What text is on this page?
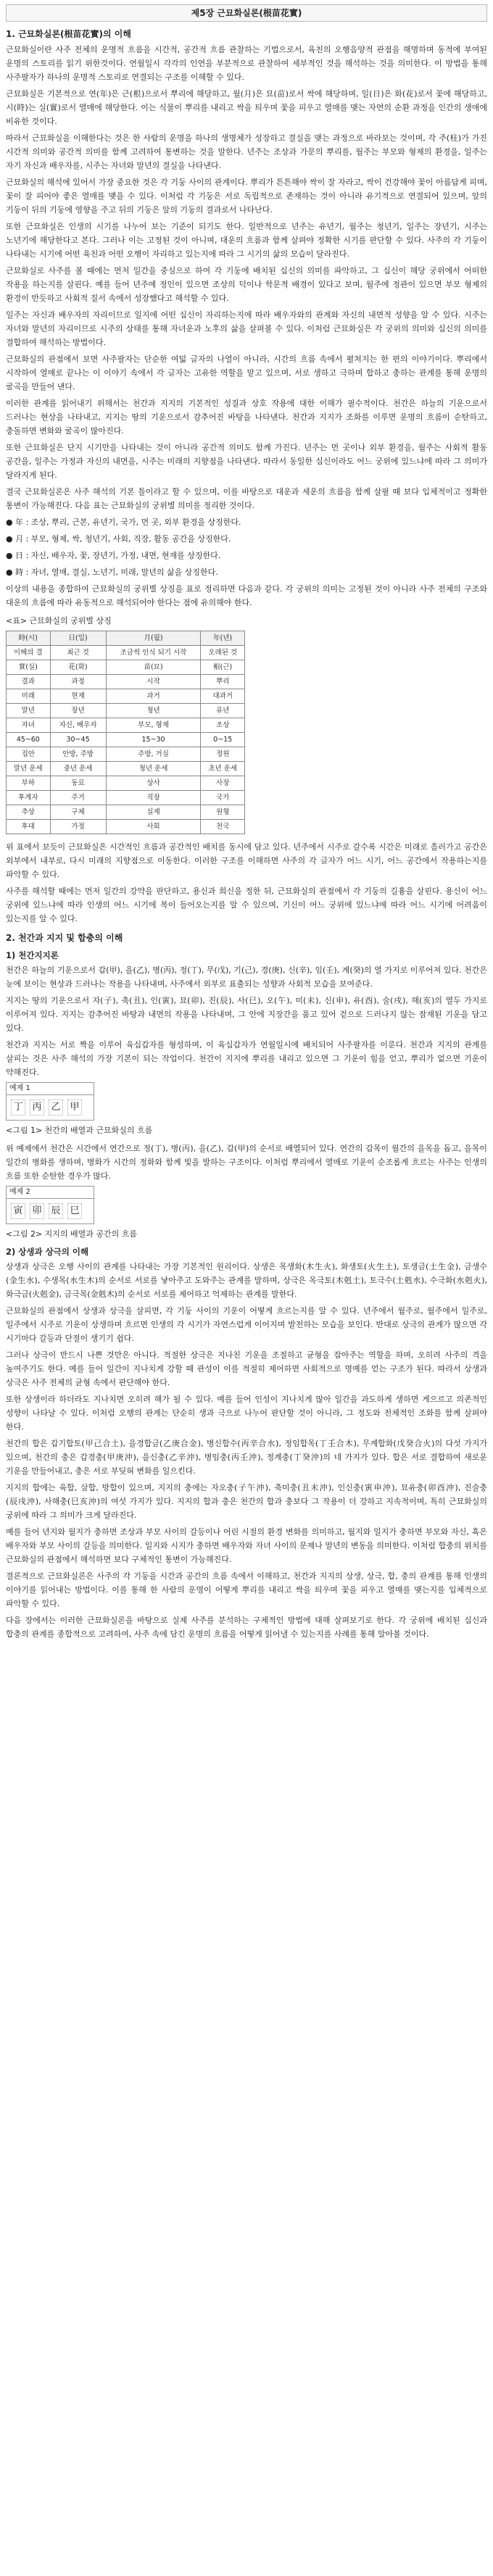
제5장 근묘화실론(根苗花實)
1. 근묘화실론(根苗花實)의 이해

근묘화실이란 사주 전체의 운명적 흐름을 시간적, 공간적 흐름 관찰하는 기법으로서, 육친의 오행음양적 관점을 해명하며 동적에 부여된 운명의 스토리를 읽기 위한것이다. 연월일시 각각의 인연을 부분적으로 관찰하여 세부적인 것을 해석하는 것을 의미한다. 이 방법을 통해 사주팔자가 하나의 운명적 스토리로 연결되는 구조를 이해할 수 있다.

근묘화실은 기본적으로 연(年)은 근(根)으로서 뿌리에 해당하고, 월(月)은 묘(苗)로서 싹에 해당하며, 일(日)은 화(花)로서 꽃에 해당하고, 시(時)는 실(實)로서 열매에 해당한다. 이는 식물이 뿌리를 내리고 싹을 틔우며 꽃을 피우고 열매를 맺는 자연의 순환 과정을 인간의 생애에 비유한 것이다.

따라서 근묘화실을 이해한다는 것은 한 사람의 운명을 하나의 생명체가 성장하고 결실을 맺는 과정으로 바라보는 것이며, 각 주(柱)가 가진 시간적 의미와 공간적 의미를 함께 고려하여 통변하는 것을 말한다. 년주는 조상과 가문의 뿌리를, 월주는 부모와 형제의 환경을, 일주는 자기 자신과 배우자를, 시주는 자녀와 말년의 결실을 나타낸다.

근묘화실의 해석에 있어서 가장 중요한 것은 각 기둥 사이의 관계이다. 뿌리가 튼튼해야 싹이 잘 자라고, 싹이 건강해야 꽃이 아름답게 피며, 꽃이 잘 피어야 좋은 열매를 맺을 수 있다. 이처럼 각 기둥은 서로 독립적으로 존재하는 것이 아니라 유기적으로 연결되어 있으며, 앞의 기둥이 뒤의 기둥에 영향을 주고 뒤의 기둥은 앞의 기둥의 결과로서 나타난다.

또한 근묘화실은 인생의 시기를 나누어 보는 기준이 되기도 한다. 일반적으로 년주는 유년기, 월주는 청년기, 일주는 장년기, 시주는 노년기에 해당한다고 본다. 그러나 이는 고정된 것이 아니며, 대운의 흐름과 함께 살펴야 정확한 시기를 판단할 수 있다. 사주의 각 기둥이 나타내는 시기에 어떤 육친과 어떤 오행이 자리하고 있는지에 따라 그 시기의 삶의 모습이 달라진다.

근묘화실로 사주를 볼 때에는 먼저 일간을 중심으로 하여 각 기둥에 배치된 십신의 의미를 파악하고, 그 십신이 해당 궁위에서 어떠한 작용을 하는지를 살핀다. 예를 들어 년주에 정인이 있으면 조상의 덕이나 학문적 배경이 있다고 보며, 월주에 정관이 있으면 부모 형제의 환경이 반듯하고 사회적 질서 속에서 성장했다고 해석할 수 있다.

일주는 자신과 배우자의 자리이므로 일지에 어떤 십신이 자리하는지에 따라 배우자와의 관계와 자신의 내면적 성향을 알 수 있다. 시주는 자녀와 말년의 자리이므로 시주의 상태를 통해 자녀운과 노후의 삶을 살펴볼 수 있다. 이처럼 근묘화실은 각 궁위의 의미와 십신의 의미를 결합하여 해석하는 방법이다.

근묘화실의 관점에서 보면 사주팔자는 단순한 여덟 글자의 나열이 아니라, 시간의 흐름 속에서 펼쳐지는 한 편의 이야기이다. 뿌리에서 시작하여 열매로 끝나는 이 이야기 속에서 각 글자는 고유한 역할을 맡고 있으며, 서로 생하고 극하며 합하고 충하는 관계를 통해 운명의 굴곡을 만들어 낸다.

이러한 관계를 읽어내기 위해서는 천간과 지지의 기본적인 성질과 상호 작용에 대한 이해가 필수적이다. 천간은 하늘의 기운으로서 드러나는 현상을 나타내고, 지지는 땅의 기운으로서 감추어진 바탕을 나타낸다. 천간과 지지가 조화를 이루면 운명의 흐름이 순탄하고, 충돌하면 변화와 굴곡이 많아진다.

또한 근묘화실은 단지 시기만을 나타내는 것이 아니라 공간적 의미도 함께 가진다. 년주는 먼 곳이나 외부 환경을, 월주는 사회적 활동 공간을, 일주는 가정과 자신의 내면을, 시주는 미래의 지향점을 나타낸다. 따라서 동일한 십신이라도 어느 궁위에 있느냐에 따라 그 의미가 달라지게 된다.

결국 근묘화실론은 사주 해석의 기본 틀이라고 할 수 있으며, 이를 바탕으로 대운과 세운의 흐름을 함께 살필 때 보다 입체적이고 정확한 통변이 가능해진다. 다음 표는 근묘화실의 궁위별 의미를 정리한 것이다.

● 年 : 조상, 뿌리, 근본, 유년기, 국가, 먼 곳, 외부 환경을 상징한다.

● 月 : 부모, 형제, 싹, 청년기, 사회, 직장, 활동 공간을 상징한다.

● 日 : 자신, 배우자, 꽃, 장년기, 가정, 내면, 현재를 상징한다.

● 時 : 자녀, 열매, 결실, 노년기, 미래, 말년의 삶을 상징한다.

이상의 내용을 종합하여 근묘화실의 궁위별 상징을 표로 정리하면 다음과 같다. 각 궁위의 의미는 고정된 것이 아니라 사주 전체의 구조와 대운의 흐름에 따라 유동적으로 해석되어야 한다는 점에 유의해야 한다.

<표> 근묘화실의 궁위별 상징

時(시)	日(일)	月(월)	年(년)
이해의 결	최근 것	조금씩 인식 되기 시작	오래된 것
實(실)	花(화)	苗(묘)	根(근)
결과	과정	시작	뿌리
미래	현재	과거	대과거
말년	장년	청년	유년
자녀	자신, 배우자	부모, 형제	조상
45~60	30~45	15~30	0~15
집안	안방, 주방	주방, 거실	정원
말년 운세	중년 운세	청년 운세	초년 운세
부하	동료	상사	사장
후계자	주거	직장	국가
추상	구체	실제	원형
후대	가정	사회	천국

위 표에서 보듯이 근묘화실은 시간적인 흐름과 공간적인 배치를 동시에 담고 있다. 년주에서 시주로 갈수록 시간은 미래로 흘러가고 공간은 외부에서 내부로, 다시 미래의 지향점으로 이동한다. 이러한 구조를 이해하면 사주의 각 글자가 어느 시기, 어느 공간에서 작용하는지를 파악할 수 있다.

사주를 해석할 때에는 먼저 일간의 강약을 판단하고, 용신과 희신을 정한 뒤, 근묘화실의 관점에서 각 기둥의 길흉을 살핀다. 용신이 어느 궁위에 있느냐에 따라 인생의 어느 시기에 복이 들어오는지를 알 수 있으며, 기신이 어느 궁위에 있느냐에 따라 어느 시기에 어려움이 있는지를 알 수 있다.

2. 천간과 지지 및 합충의 이해
1) 천간지지론

천간은 하늘의 기운으로서 갑(甲), 을(乙), 병(丙), 정(丁), 무(戊), 기(己), 경(庚), 신(辛), 임(壬), 계(癸)의 열 가지로 이루어져 있다. 천간은 눈에 보이는 현상과 드러나는 작용을 나타내며, 사주에서 외부로 표출되는 성향과 사회적 모습을 보여준다.

지지는 땅의 기운으로서 자(子), 축(丑), 인(寅), 묘(卯), 진(辰), 사(巳), 오(午), 미(未), 신(申), 유(酉), 술(戌), 해(亥)의 열두 가지로 이루어져 있다. 지지는 감추어진 바탕과 내면의 작용을 나타내며, 그 안에 지장간을 품고 있어 겉으로 드러나지 않는 잠재된 기운을 담고 있다.

천간과 지지는 서로 짝을 이루어 육십갑자를 형성하며, 이 육십갑자가 연월일시에 배치되어 사주팔자를 이룬다. 천간과 지지의 관계를 살피는 것은 사주 해석의 가장 기본이 되는 작업이다. 천간이 지지에 뿌리를 내리고 있으면 그 기운이 힘을 얻고, 뿌리가 없으면 기운이 약해진다.

예제 1
丁 丙 乙 甲

<그림 1> 천간의 배열과 근묘화실의 흐름

위 예제에서 천간은 시간에서 연간으로 정(丁), 병(丙), 을(乙), 갑(甲)의 순서로 배열되어 있다. 연간의 갑목이 월간의 을목을 돕고, 을목이 일간의 병화를 생하며, 병화가 시간의 정화와 함께 빛을 발하는 구조이다. 이처럼 뿌리에서 열매로 기운이 순조롭게 흐르는 사주는 인생의 흐름 또한 순탄한 경우가 많다.

예제 2
寅 卯 辰 巳

<그림 2> 지지의 배열과 공간의 흐름

2) 상생과 상극의 이해

상생과 상극은 오행 사이의 관계를 나타내는 가장 기본적인 원리이다. 상생은 목생화(木生火), 화생토(火生土), 토생금(土生金), 금생수(金生水), 수생목(水生木)의 순서로 서로를 낳아주고 도와주는 관계를 말하며, 상극은 목극토(木剋土), 토극수(土剋水), 수극화(水剋火), 화극금(火剋金), 금극목(金剋木)의 순서로 서로를 제어하고 억제하는 관계를 말한다.

근묘화실의 관점에서 상생과 상극을 살피면, 각 기둥 사이의 기운이 어떻게 흐르는지를 알 수 있다. 년주에서 월주로, 월주에서 일주로, 일주에서 시주로 기운이 상생하며 흐르면 인생의 각 시기가 자연스럽게 이어지며 발전하는 모습을 보인다. 반대로 상극의 관계가 많으면 각 시기마다 갈등과 단절이 생기기 쉽다.

그러나 상극이 반드시 나쁜 것만은 아니다. 적절한 상극은 지나친 기운을 조절하고 균형을 잡아주는 역할을 하며, 오히려 사주의 격을 높여주기도 한다. 예를 들어 일간이 지나치게 강할 때 관성이 이를 적절히 제어하면 사회적으로 명예를 얻는 구조가 된다. 따라서 상생과 상극은 사주 전체의 균형 속에서 판단해야 한다.

또한 상생이라 하더라도 지나치면 오히려 해가 될 수 있다. 예를 들어 인성이 지나치게 많아 일간을 과도하게 생하면 게으르고 의존적인 성향이 나타날 수 있다. 이처럼 오행의 관계는 단순히 생과 극으로 나누어 판단할 것이 아니라, 그 정도와 전체적인 조화를 함께 살펴야 한다.

천간의 합은 갑기합토(甲己合土), 을경합금(乙庚合金), 병신합수(丙辛合水), 정임합목(丁壬合木), 무계합화(戊癸合火)의 다섯 가지가 있으며, 천간의 충은 갑경충(甲庚沖), 을신충(乙辛沖), 병임충(丙壬沖), 정계충(丁癸沖)의 네 가지가 있다. 합은 서로 결합하여 새로운 기운을 만들어내고, 충은 서로 부딪혀 변화를 일으킨다.

지지의 합에는 육합, 삼합, 방합이 있으며, 지지의 충에는 자오충(子午沖), 축미충(丑未沖), 인신충(寅申沖), 묘유충(卯酉沖), 진술충(辰戌沖), 사해충(巳亥沖)의 여섯 가지가 있다. 지지의 합과 충은 천간의 합과 충보다 그 작용이 더 강하고 지속적이며, 특히 근묘화실의 궁위에 따라 그 의미가 크게 달라진다.

예를 들어 년지와 월지가 충하면 조상과 부모 사이의 갈등이나 어린 시절의 환경 변화를 의미하고, 월지와 일지가 충하면 부모와 자신, 혹은 배우자와 부모 사이의 갈등을 의미한다. 일지와 시지가 충하면 배우자와 자녀 사이의 문제나 말년의 변동을 의미한다. 이처럼 합충의 위치를 근묘화실의 관점에서 해석하면 보다 구체적인 통변이 가능해진다.

결론적으로 근묘화실론은 사주의 각 기둥을 시간과 공간의 흐름 속에서 이해하고, 천간과 지지의 상생, 상극, 합, 충의 관계를 통해 인생의 이야기를 읽어내는 방법이다. 이를 통해 한 사람의 운명이 어떻게 뿌리를 내리고 싹을 틔우며 꽃을 피우고 열매를 맺는지를 입체적으로 파악할 수 있다.

다음 장에서는 이러한 근묘화실론을 바탕으로 실제 사주를 분석하는 구체적인 방법에 대해 살펴보기로 한다. 각 궁위에 배치된 십신과 합충의 관계를 종합적으로 고려하여, 사주 속에 담긴 운명의 흐름을 어떻게 읽어낼 수 있는지를 사례를 통해 알아볼 것이다.
